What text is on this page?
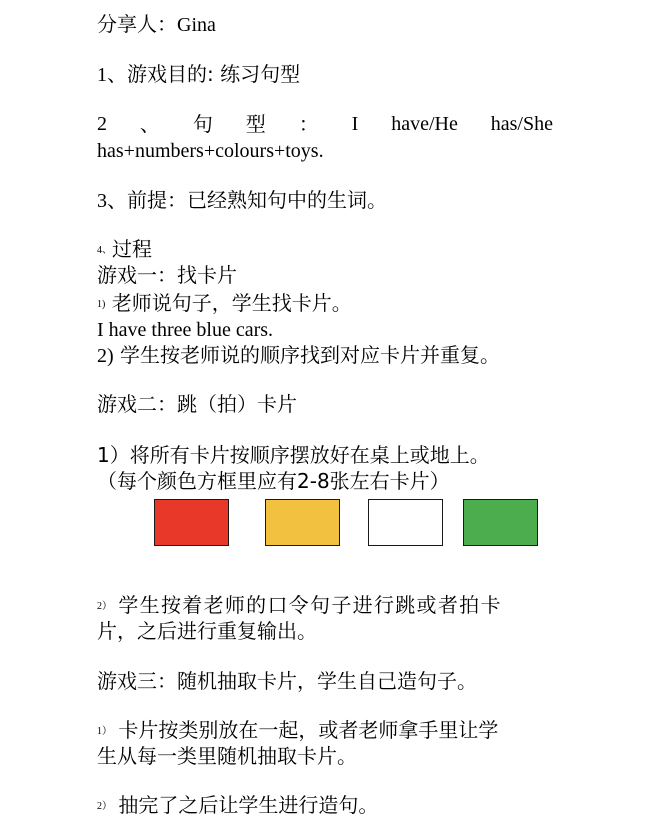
分享人：Gina
1、游戏目的: 练习句型
2 、 句 型 ： I have/He has/She
has+numbers+colours+toys.
3、前提：已经熟知句中的生词。
4、过程
游戏一：找卡片
1) 老师说句子，学生找卡片。
I have three blue cars.
2) 学生按老师说的顺序找到对应卡片并重复。
游戏二：跳（拍）卡片
1）将所有卡片按顺序摆放好在桌上或地上。
（每个颜色方框里应有2-8张左右卡片）
2） 学生按着老师的口令句子进行跳或者拍卡
片，之后进行重复输出。
游戏三：随机抽取卡片，学生自己造句子。
1） 卡片按类别放在一起，或者老师拿手里让学
生从每一类里随机抽取卡片。
2） 抽完了之后让学生进行造句。
